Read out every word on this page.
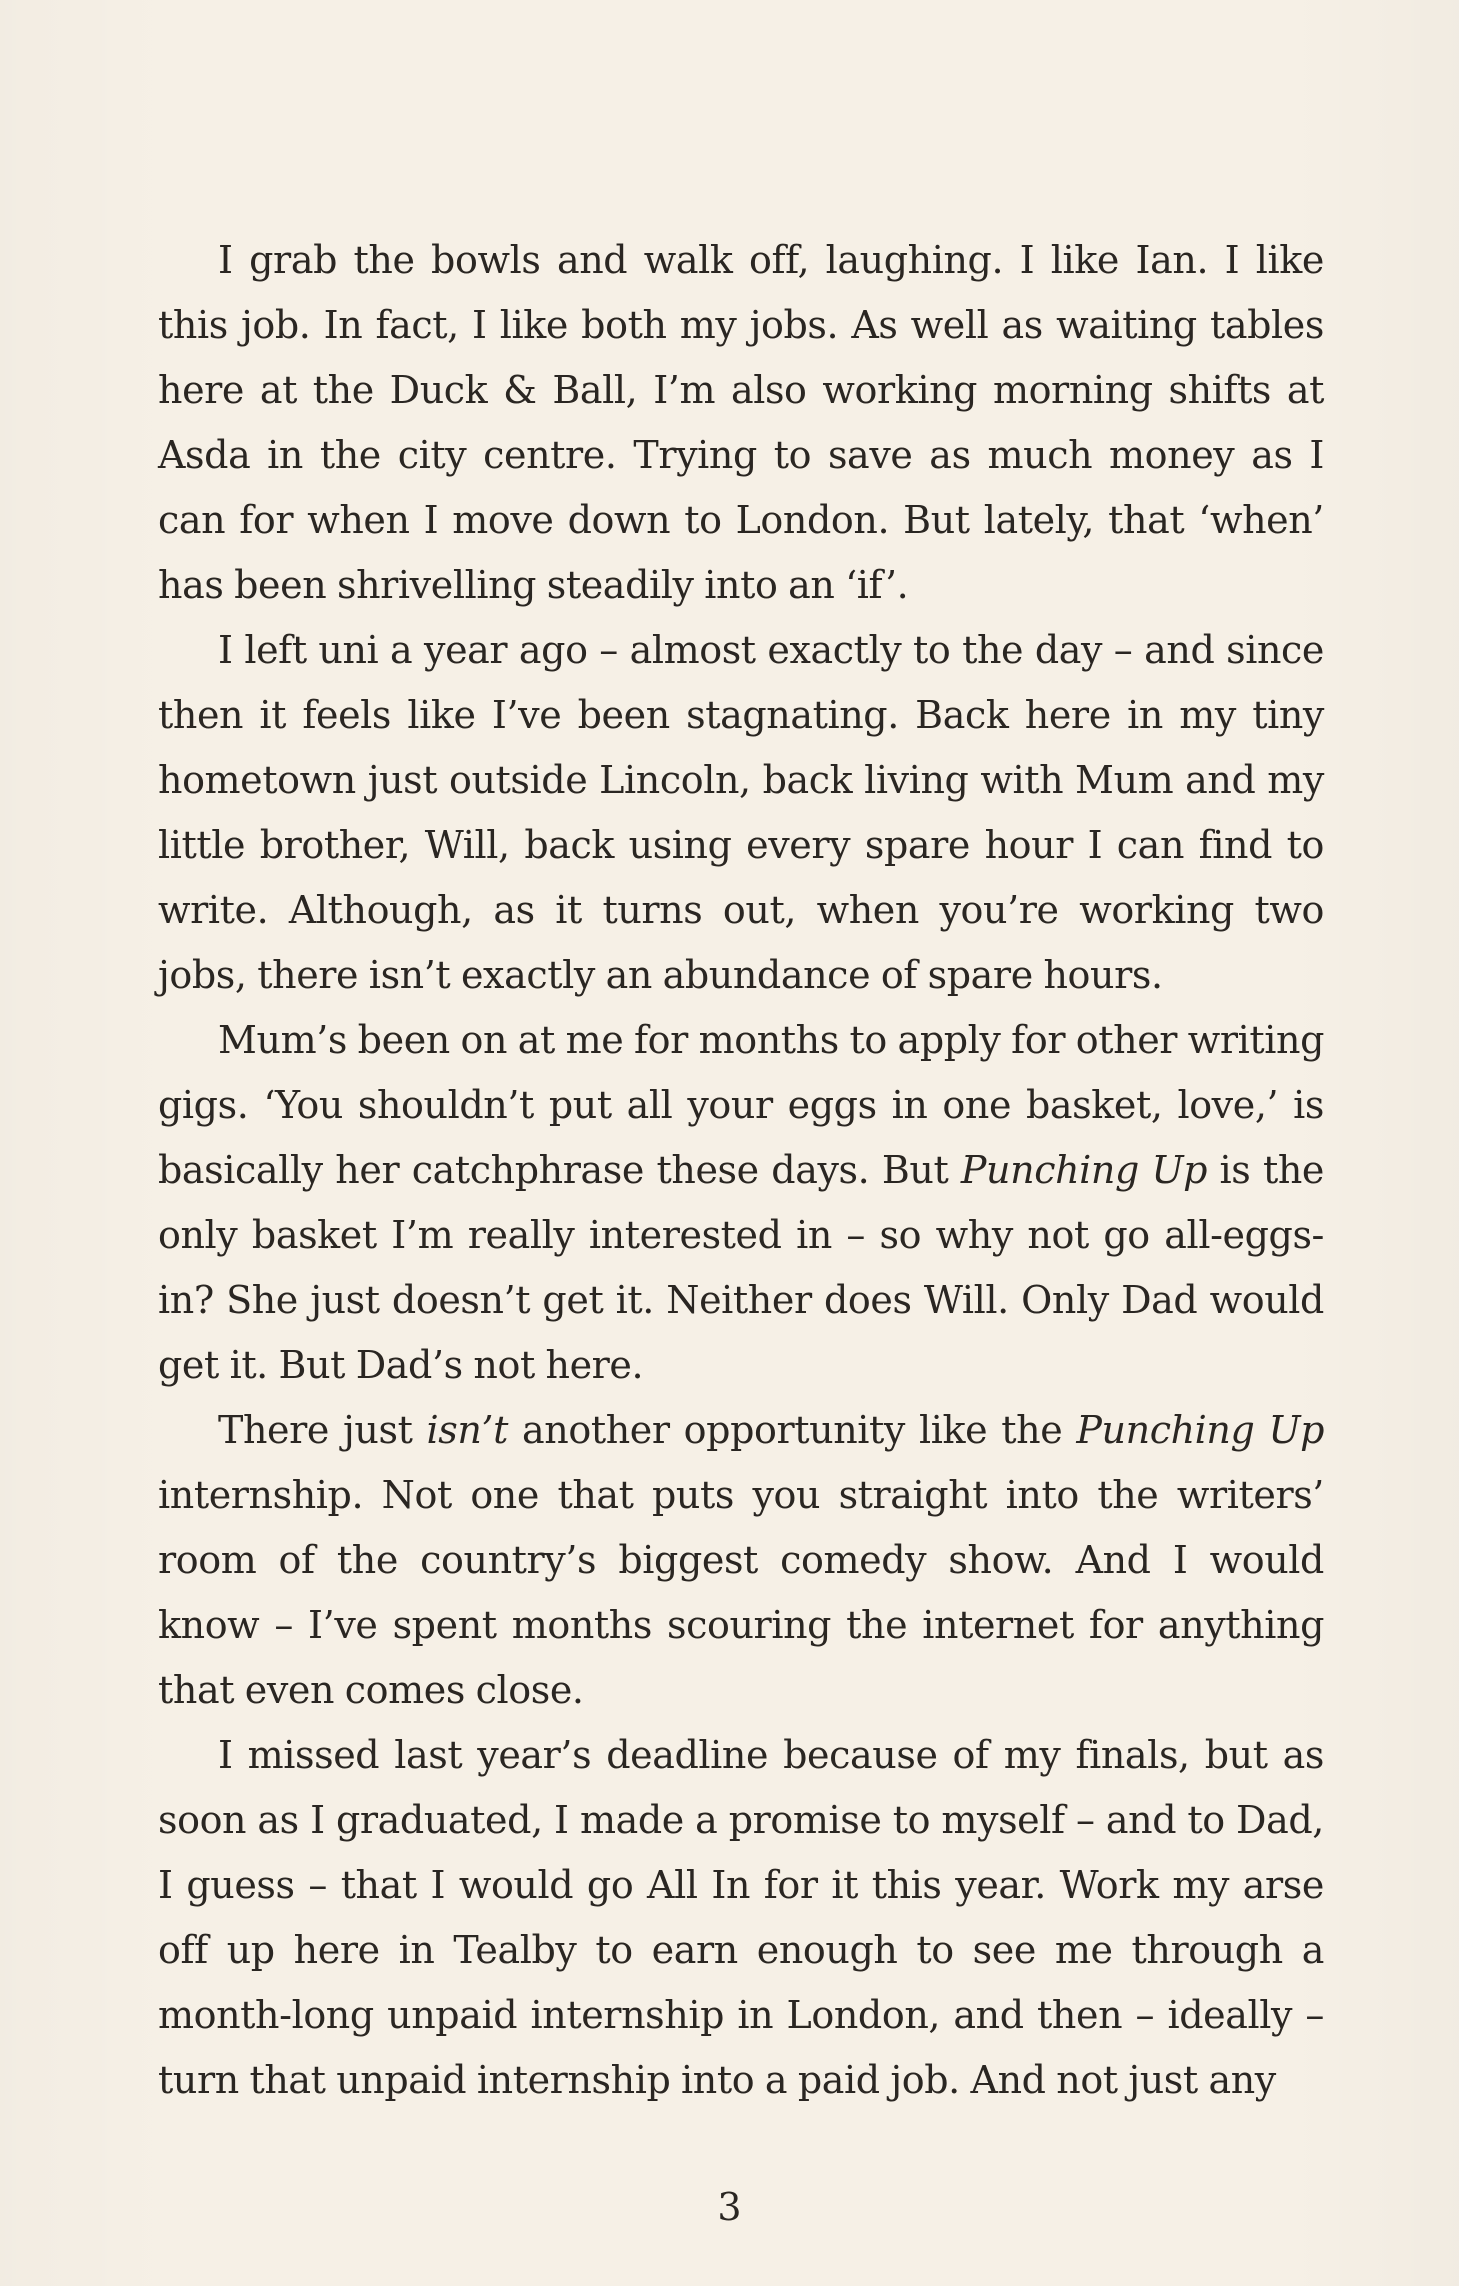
I grab the bowls and walk off, laughing. I like Ian. I like this job. In fact, I like both my jobs. As well as waiting tables here at the Duck & Ball, I’m also working morning shifts at Asda in the city centre. Trying to save as much money as I can for when I move down to London. But lately, that ‘when’ has been shrivelling steadily into an ‘if’.

I left uni a year ago – almost exactly to the day – and since then it feels like I’ve been stagnating. Back here in my tiny hometown just outside Lincoln, back living with Mum and my little brother, Will, back using every spare hour I can find to write. Although, as it turns out, when you’re working two jobs, there isn’t exactly an abundance of spare hours.

Mum’s been on at me for months to apply for other writing gigs. ‘You shouldn’t put all your eggs in one basket, love,’ is basically her catchphrase these days. But Punching Up is the only basket I’m really interested in – so why not go all-eggs-in? She just doesn’t get it. Neither does Will. Only Dad would get it. But Dad’s not here.

There just isn’t another opportunity like the Punching Up internship. Not one that puts you straight into the writers’ room of the country’s biggest comedy show. And I would know – I’ve spent months scouring the internet for anything that even comes close.

I missed last year’s deadline because of my finals, but as soon as I graduated, I made a promise to myself – and to Dad, I guess – that I would go All In for it this year. Work my arse off up here in Tealby to earn enough to see me through a month-long unpaid internship in London, and then – ideally – turn that unpaid internship into a paid job. And not just any

3
